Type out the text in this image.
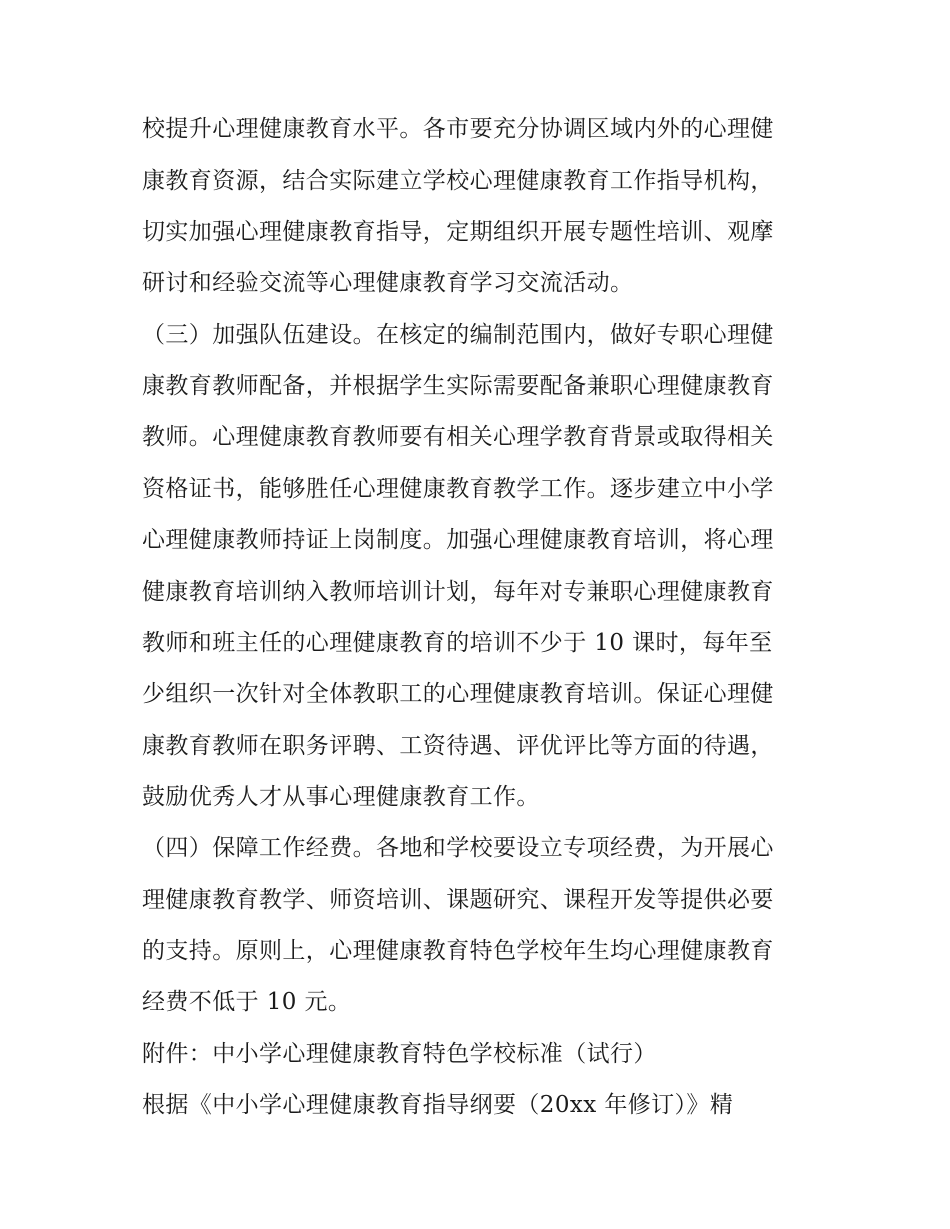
校提升心理健康教育水平。各市要充分协调区域内外的心理健
康教育资源，结合实际建立学校心理健康教育工作指导机构，
切实加强心理健康教育指导，定期组织开展专题性培训、观摩
研讨和经验交流等心理健康教育学习交流活动。
（三）加强队伍建设。在核定的编制范围内，做好专职心理健
康教育教师配备，并根据学生实际需要配备兼职心理健康教育
教师。心理健康教育教师要有相关心理学教育背景或取得相关
资格证书，能够胜任心理健康教育教学工作。逐步建立中小学
心理健康教师持证上岗制度。加强心理健康教育培训，将心理
健康教育培训纳入教师培训计划，每年对专兼职心理健康教育
教师和班主任的心理健康教育的培训不少于 10 课时，每年至
少组织一次针对全体教职工的心理健康教育培训。保证心理健
康教育教师在职务评聘、工资待遇、评优评比等方面的待遇，
鼓励优秀人才从事心理健康教育工作。
（四）保障工作经费。各地和学校要设立专项经费，为开展心
理健康教育教学、师资培训、课题研究、课程开发等提供必要
的支持。原则上，心理健康教育特色学校年生均心理健康教育
经费不低于 10 元。
附件：中小学心理健康教育特色学校标准（试行）
根据《中小学心理健康教育指导纲要（20xx 年修订）》精
